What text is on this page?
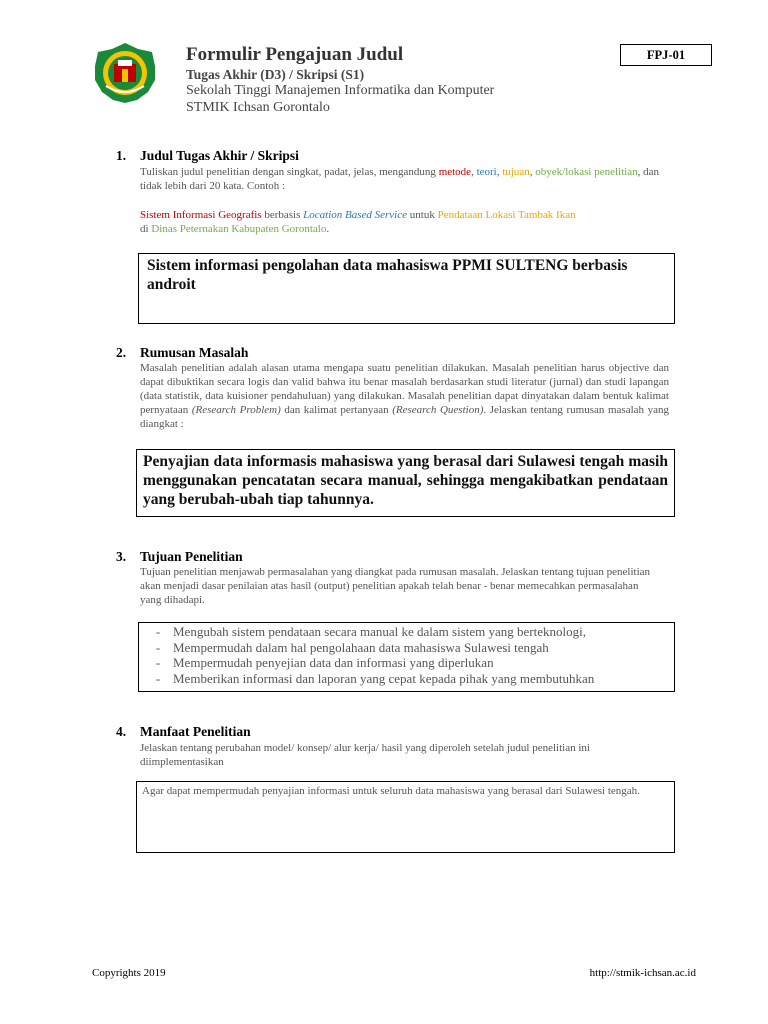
Formulir Pengajuan Judul
Tugas Akhir (D3) / Skripsi (S1)
Sekolah Tinggi Manajemen Informatika dan Komputer
STMIK Ichsan Gorontalo
FPJ-01
1. Judul Tugas Akhir / Skripsi
Tuliskan judul penelitian dengan singkat, padat, jelas, mengandung metode, teori, tujuan, obyek/lokasi penelitian, dan tidak lebih dari 20 kata. Contoh :
Sistem Informasi Geografis berbasis Location Based Service untuk Pendataan Lokasi Tambak Ikan
di Dinas Peternakan Kabupaten Gorontalo.
Sistem informasi pengolahan data mahasiswa PPMI SULTENG berbasis androit
2. Rumusan Masalah
Masalah penelitian adalah alasan utama mengapa suatu penelitian dilakukan. Masalah penelitian harus objective dan dapat dibuktikan secara logis dan valid bahwa itu benar masalah berdasarkan studi literatur (jurnal) dan studi lapangan (data statistik, data kuisioner pendahuluan) yang dilakukan. Masalah penelitian dapat dinyatakan dalam bentuk kalimat pernyataan (Research Problem) dan kalimat pertanyaan (Research Question). Jelaskan tentang rumusan masalah yang diangkat :
Penyajian data informasis mahasiswa yang berasal dari Sulawesi tengah masih menggunakan pencatatan secara manual, sehingga mengakibatkan pendataan yang berubah-ubah tiap tahunnya.
3. Tujuan Penelitian
Tujuan penelitian menjawab permasalahan yang diangkat pada rumusan masalah. Jelaskan tentang tujuan penelitian akan menjadi dasar penilaian atas hasil (output) penelitian apakah telah benar - benar memecahkan permasalahan yang dihadapi.
- Mengubah sistem pendataan secara manual ke dalam sistem yang berteknologi,
- Mempermudah dalam hal pengolahaan data mahasiswa Sulawesi tengah
- Mempermudah penyejian data dan informasi yang diperlukan
- Memberikan informasi dan laporan yang cepat kepada pihak yang membutuhkan
4. Manfaat Penelitian
Jelaskan tentang perubahan model/ konsep/ alur kerja/ hasil yang diperoleh setelah judul penelitian ini diimplementasikan
Agar dapat mempermudah penyajian informasi untuk seluruh data mahasiswa yang berasal dari Sulawesi tengah.
Copyrights 2019	http://stmik-ichsan.ac.id
